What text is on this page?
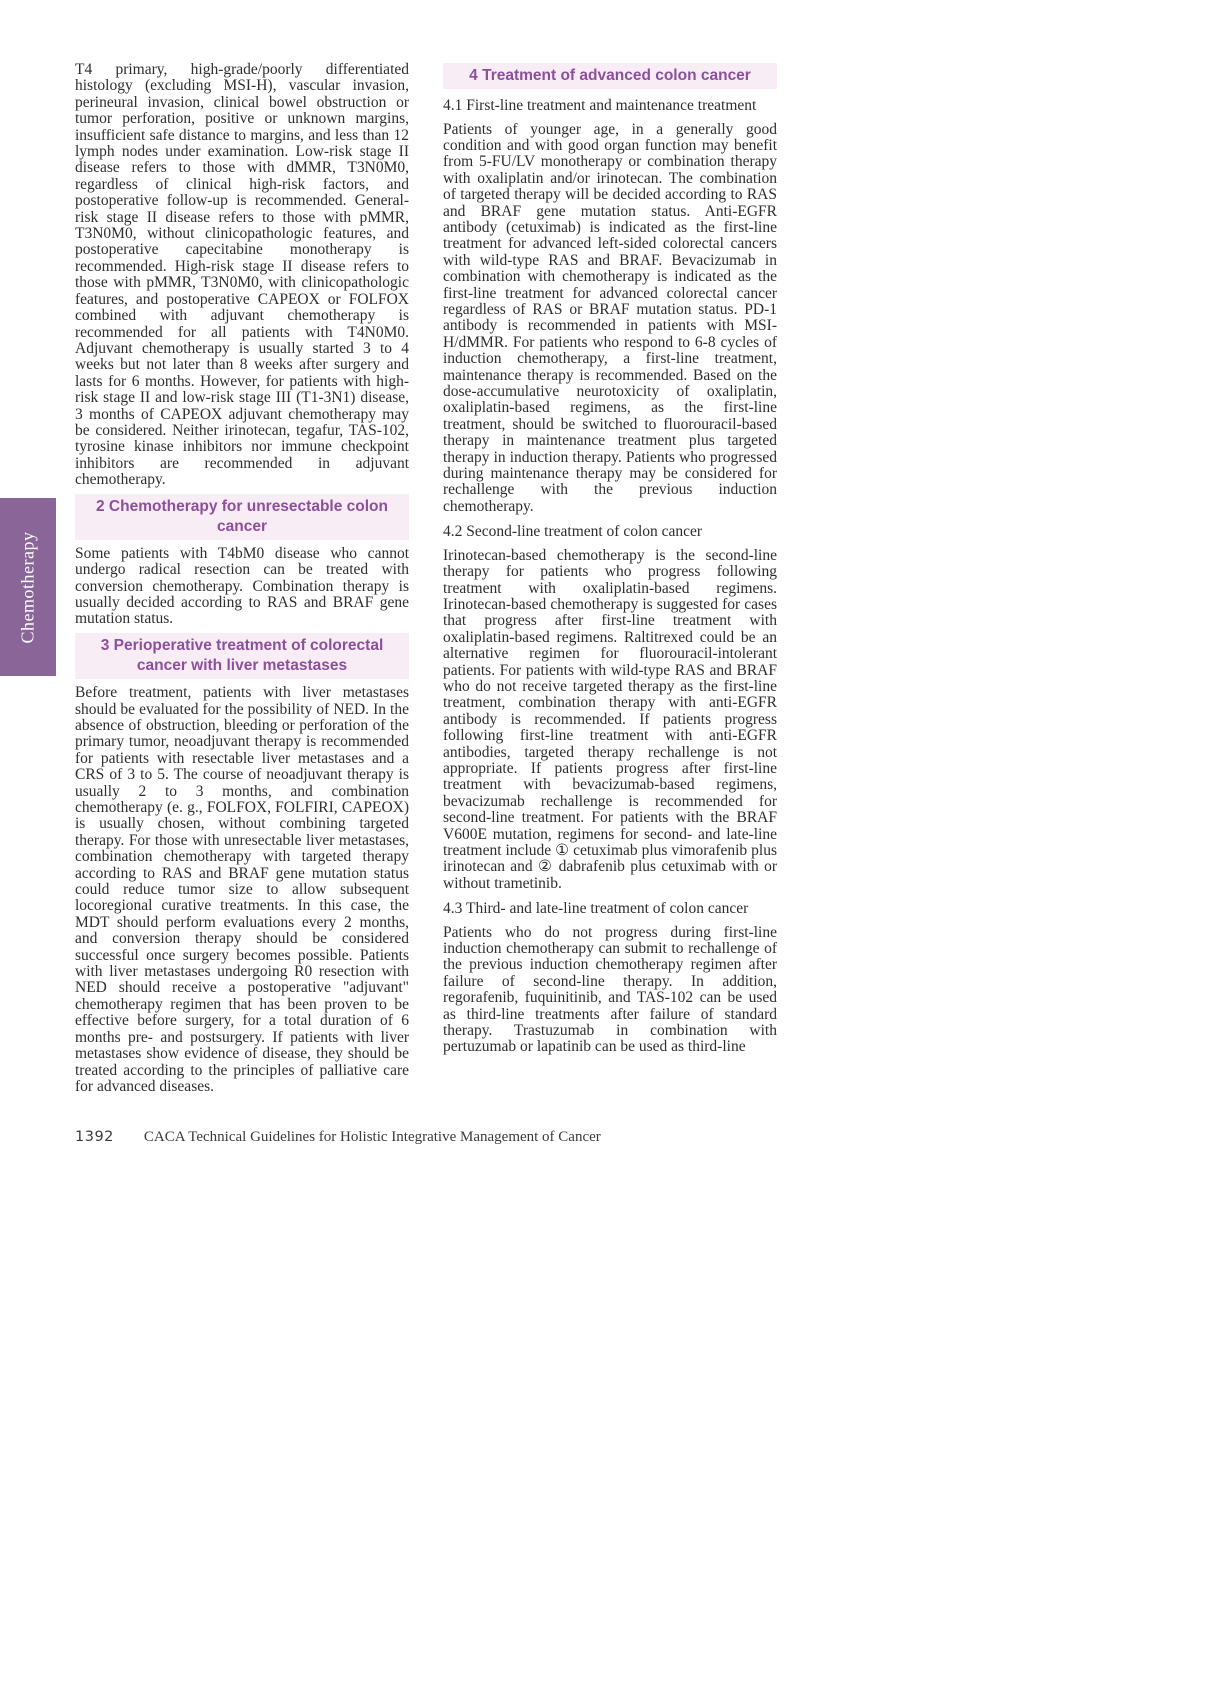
Chemotherapy

T4 primary, high-grade/poorly differentiated histology (excluding MSI-H), vascular invasion, perineural invasion, clinical bowel obstruction or tumor perforation, positive or unknown margins, insufficient safe distance to margins, and less than 12 lymph nodes under examination. Low-risk stage II disease refers to those with dMMR, T3N0M0, regardless of clinical high-risk factors, and postoperative follow-up is recommended. General-risk stage II disease refers to those with pMMR, T3N0M0, without clinicopathologic features, and postoperative capecitabine monotherapy is recommended. High-risk stage II disease refers to those with pMMR, T3N0M0, with clinicopathologic features, and postoperative CAPEOX or FOLFOX combined with adjuvant chemotherapy is recommended for all patients with T4N0M0. Adjuvant chemotherapy is usually started 3 to 4 weeks but not later than 8 weeks after surgery and lasts for 6 months. However, for patients with high-risk stage II and low-risk stage III (T1-3N1) disease, 3 months of CAPEOX adjuvant chemotherapy may be considered. Neither irinotecan, tegafur, TAS-102, tyrosine kinase inhibitors nor immune checkpoint inhibitors are recommended in adjuvant chemotherapy.

2 Chemotherapy for unresectable colon cancer

Some patients with T4bM0 disease who cannot undergo radical resection can be treated with conversion chemotherapy. Combination therapy is usually decided according to RAS and BRAF gene mutation status.

3 Perioperative treatment of colorectal cancer with liver metastases

Before treatment, patients with liver metastases should be evaluated for the possibility of NED. In the absence of obstruction, bleeding or perforation of the primary tumor, neoadjuvant therapy is recommended for patients with resectable liver metastases and a CRS of 3 to 5. The course of neoadjuvant therapy is usually 2 to 3 months, and combination chemotherapy (e. g., FOLFOX, FOLFIRI, CAPEOX) is usually chosen, without combining targeted therapy. For those with unresectable liver metastases, combination chemotherapy with targeted therapy according to RAS and BRAF gene mutation status could reduce tumor size to allow subsequent locoregional curative treatments. In this case, the MDT should perform evaluations every 2 months, and conversion therapy should be considered successful once surgery becomes possible. Patients with liver metastases undergoing R0 resection with NED should receive a postoperative "adjuvant" chemotherapy regimen that has been proven to be effective before surgery, for a total duration of 6 months pre- and postsurgery. If patients with liver metastases show evidence of disease, they should be treated according to the principles of palliative care for advanced diseases.

4 Treatment of advanced colon cancer
4.1 First-line treatment and maintenance treatment

Patients of younger age, in a generally good condition and with good organ function may benefit from 5-FU/LV monotherapy or combination therapy with oxaliplatin and/or irinotecan. The combination of targeted therapy will be decided according to RAS and BRAF gene mutation status. Anti-EGFR antibody (cetuximab) is indicated as the first-line treatment for advanced left-sided colorectal cancers with wild-type RAS and BRAF. Bevacizumab in combination with chemotherapy is indicated as the first-line treatment for advanced colorectal cancer regardless of RAS or BRAF mutation status. PD-1 antibody is recommended in patients with MSI-H/dMMR. For patients who respond to 6-8 cycles of induction chemotherapy, a first-line treatment, maintenance therapy is recommended. Based on the dose-accumulative neurotoxicity of oxaliplatin, oxaliplatin-based regimens, as the first-line treatment, should be switched to fluorouracil-based therapy in maintenance treatment plus targeted therapy in induction therapy. Patients who progressed during maintenance therapy may be considered for rechallenge with the previous induction chemotherapy.

4.2 Second-line treatment of colon cancer

Irinotecan-based chemotherapy is the second-line therapy for patients who progress following treatment with oxaliplatin-based regimens. Irinotecan-based chemotherapy is suggested for cases that progress after first-line treatment with oxaliplatin-based regimens. Raltitrexed could be an alternative regimen for fluorouracil-intolerant patients. For patients with wild-type RAS and BRAF who do not receive targeted therapy as the first-line treatment, combination therapy with anti-EGFR antibody is recommended. If patients progress following first-line treatment with anti-EGFR antibodies, targeted therapy rechallenge is not appropriate. If patients progress after first-line treatment with bevacizumab-based regimens, bevacizumab rechallenge is recommended for second-line treatment. For patients with the BRAF V600E mutation, regimens for second- and late-line treatment include ① cetuximab plus vimorafenib plus irinotecan and ② dabrafenib plus cetuximab with or without trametinib.

4.3 Third- and late-line treatment of colon cancer

Patients who do not progress during first-line induction chemotherapy can submit to rechallenge of the previous induction chemotherapy regimen after failure of second-line therapy. In addition, regorafenib, fuquinitinib, and TAS-102 can be used as third-line treatments after failure of standard therapy. Trastuzumab in combination with pertuzumab or lapatinib can be used as third-line

1392 CACA Technical Guidelines for Holistic Integrative Management of Cancer
